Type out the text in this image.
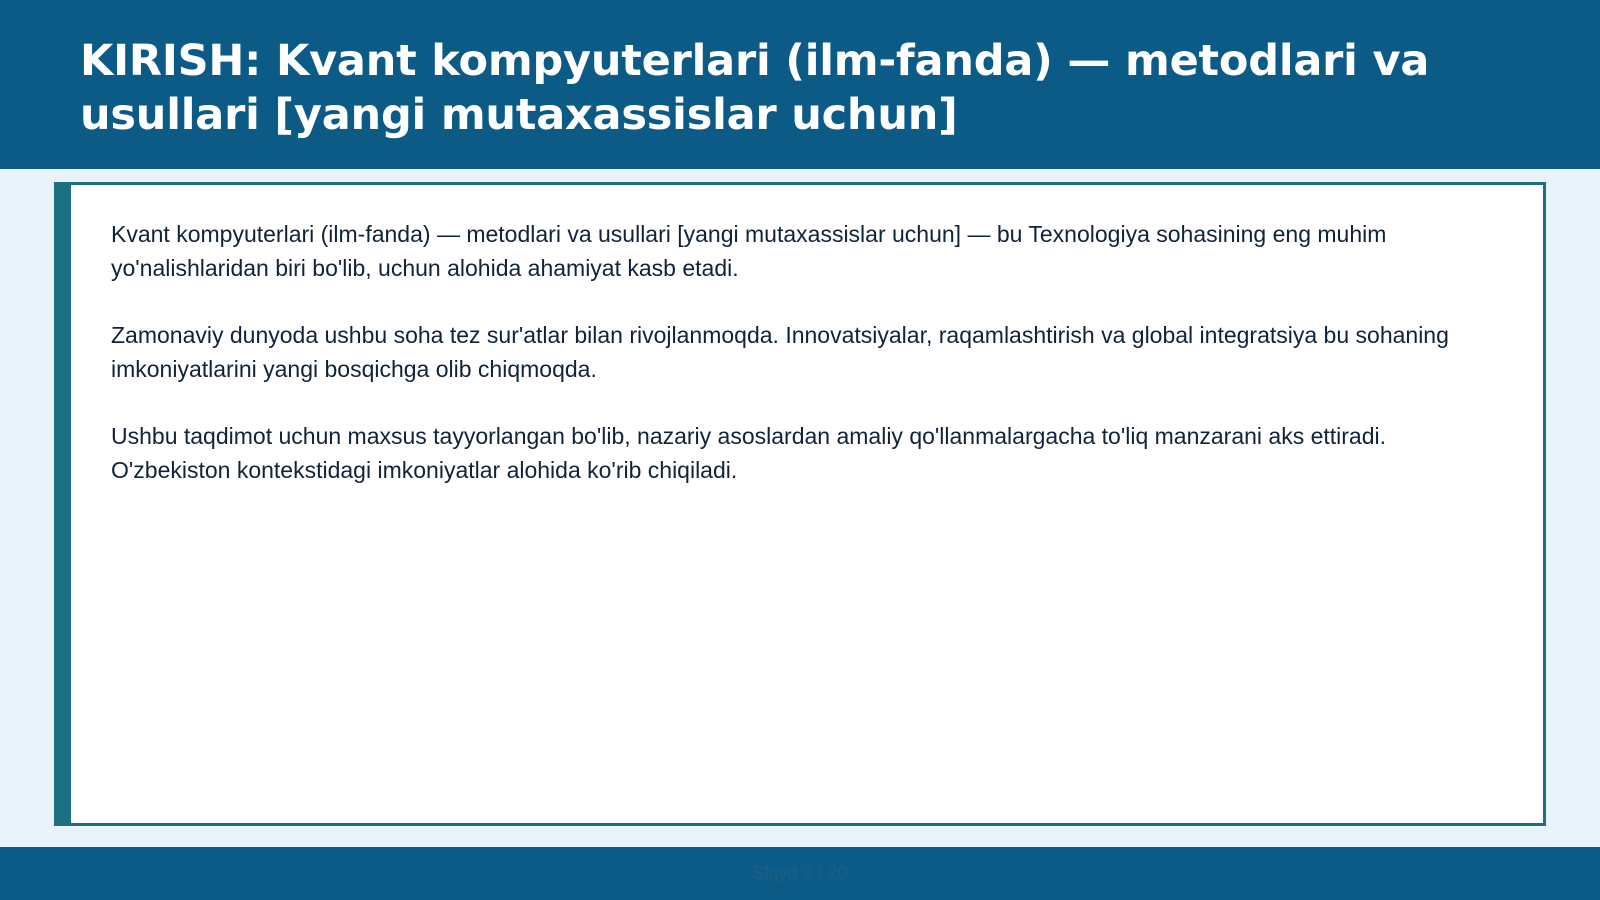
KIRISH: Kvant kompyuterlari (ilm-fanda) — metodlari va usullari [yangi mutaxassislar uchun]

Kvant kompyuterlari (ilm-fanda) — metodlari va usullari [yangi mutaxassislar uchun] — bu Texnologiya sohasining eng muhim yo'nalishlaridan biri bo'lib, uchun alohida ahamiyat kasb etadi.

Zamonaviy dunyoda ushbu soha tez sur'atlar bilan rivojlanmoqda. Innovatsiyalar, raqamlashtirish va global integratsiya bu sohaning imkoniyatlarini yangi bosqichga olib chiqmoqda.

Ushbu taqdimot uchun maxsus tayyorlangan bo'lib, nazariy asoslardan amaliy qo'llanmalargacha to'liq manzarani aks ettiradi. O'zbekiston kontekstidagi imkoniyatlar alohida ko'rib chiqiladi.

Slayd 2 / 20
